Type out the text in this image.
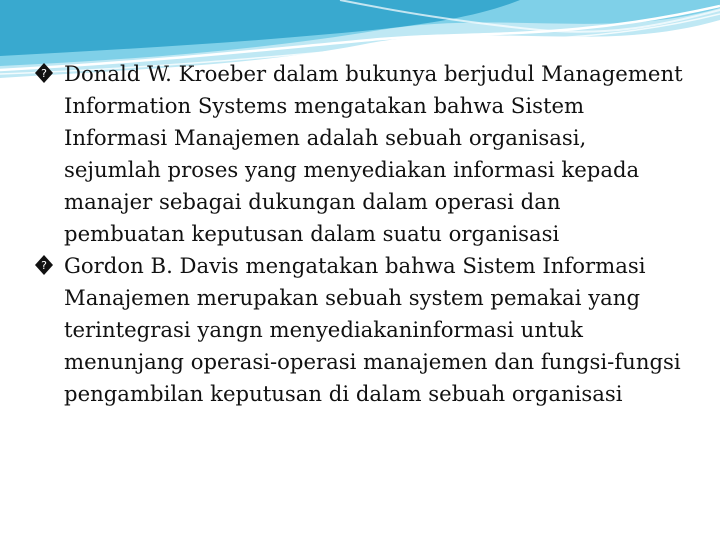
? Donald W. Kroeber dalam bukunya berjudul Management Information Systems mengatakan bahwa Sistem Informasi Manajemen adalah sebuah organisasi, sejumlah proses yang menyediakan informasi kepada manajer sebagai dukungan dalam operasi dan pembuatan keputusan dalam suatu organisasi

? Gordon B. Davis mengatakan bahwa Sistem Informasi Manajemen merupakan sebuah system pemakai yang terintegrasi yangn menyediakaninformasi untuk menunjang operasi-operasi manajemen dan fungsi-fungsi pengambilan keputusan di dalam sebuah organisasi
